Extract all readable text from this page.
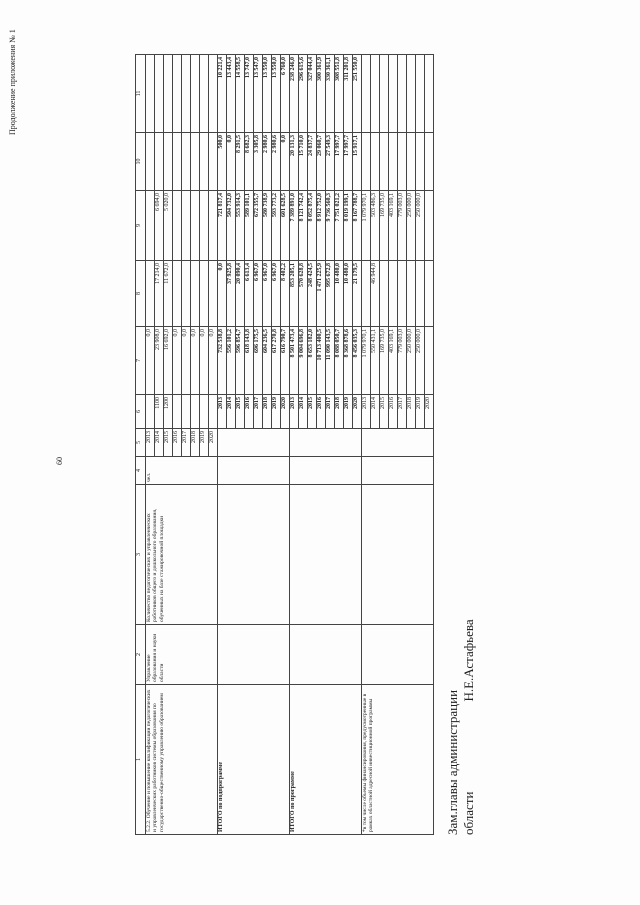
Продолжение приложения № 1
60
1	2	3	4	5	6	7	8	9	10	11
5.2.2. Обучение и повышение квалификации педагогических и управленческих работников системы образования по государственно-общественному управлению образованием	Управление образования и науки области	Количество педагогических и управленческих работников общего и дошкольного образования, обученных на базе стажировочной площадки	чел.	2013		0,0				
				2014	1100	23 908,0	17 214,0	6 694,0		
				2015	1200	16 692,0	11 672,0	5 020,0		
				2016		0,0				
				2017		0,0				
				2018		0,0				
				2019		0,0				
				2020		0,0				
ИТОГО по подпрограмме					2013	732 538,8	0,0	721 817,4	500,0	10 221,4
					2014	556 101,2	37 925,8	504 732,0	0,0	13 443,4
					2015	596 854,7	20 090,4	553 914,3	8 291,5	14 558,5
					2016	618 143,8	6 613,4	589 101,1	8 682,3	13 747,0
					2017	696 175,5	6 967,0	672 355,7	3 305,8	13 547,0
					2018	604 236,5	6 967,0	580 738,9	2 980,6	13 550,0
					2019	617 270,8	6 967,0	593 773,2	2 980,6	13 550,0
					2020	616 790,7	8 402,2	601 628,5	0,0	6 760,0
ИТОГО по программе					2013	8 501 473,4	853 205,1	7 389 891,0	20 131,3	238 246,0
					2014	9 004 696,8	570 628,8	8 121 742,4	15 710,0	296 615,6
					2015	8 653 182,0	248 424,5	8 052 875,4	24 837,7	327 044,4
					2016	10 713 400,5	1 471 225,9	8 912 752,0	29 060,7	300 361,9
					2017	11 090 143,5	995 672,8	9 736 560,3	27 549,3	330 361,1
					2018	8 088 050,7	10 480,0	7 751 021,2	17 997,7	308 551,8
					2019	8 368 878,6	10 480,0	8 019 199,1	17 997,7	311 201,8
					2020	8 456 035,3	21 179,5	8 167 788,7	15 917,1	251 550,0
*в том числе объемы финансирования, предусмотренные в рамках областной адресной инвестиционной программы					2013	1 079 970,1		1 079 970,1		
					2014	550 431,1	46 944,8	503 486,3		
					2015	169 735,0		169 735,0		
					2016	403 169,1		403 169,1		
					2017	779 003,0		779 003,0		
					2018	250 000,0		250 000,0		
					2019	250 000,0		250 000,0		
					2020					
Зам.главы администрации областиН.Е.Астафьева
